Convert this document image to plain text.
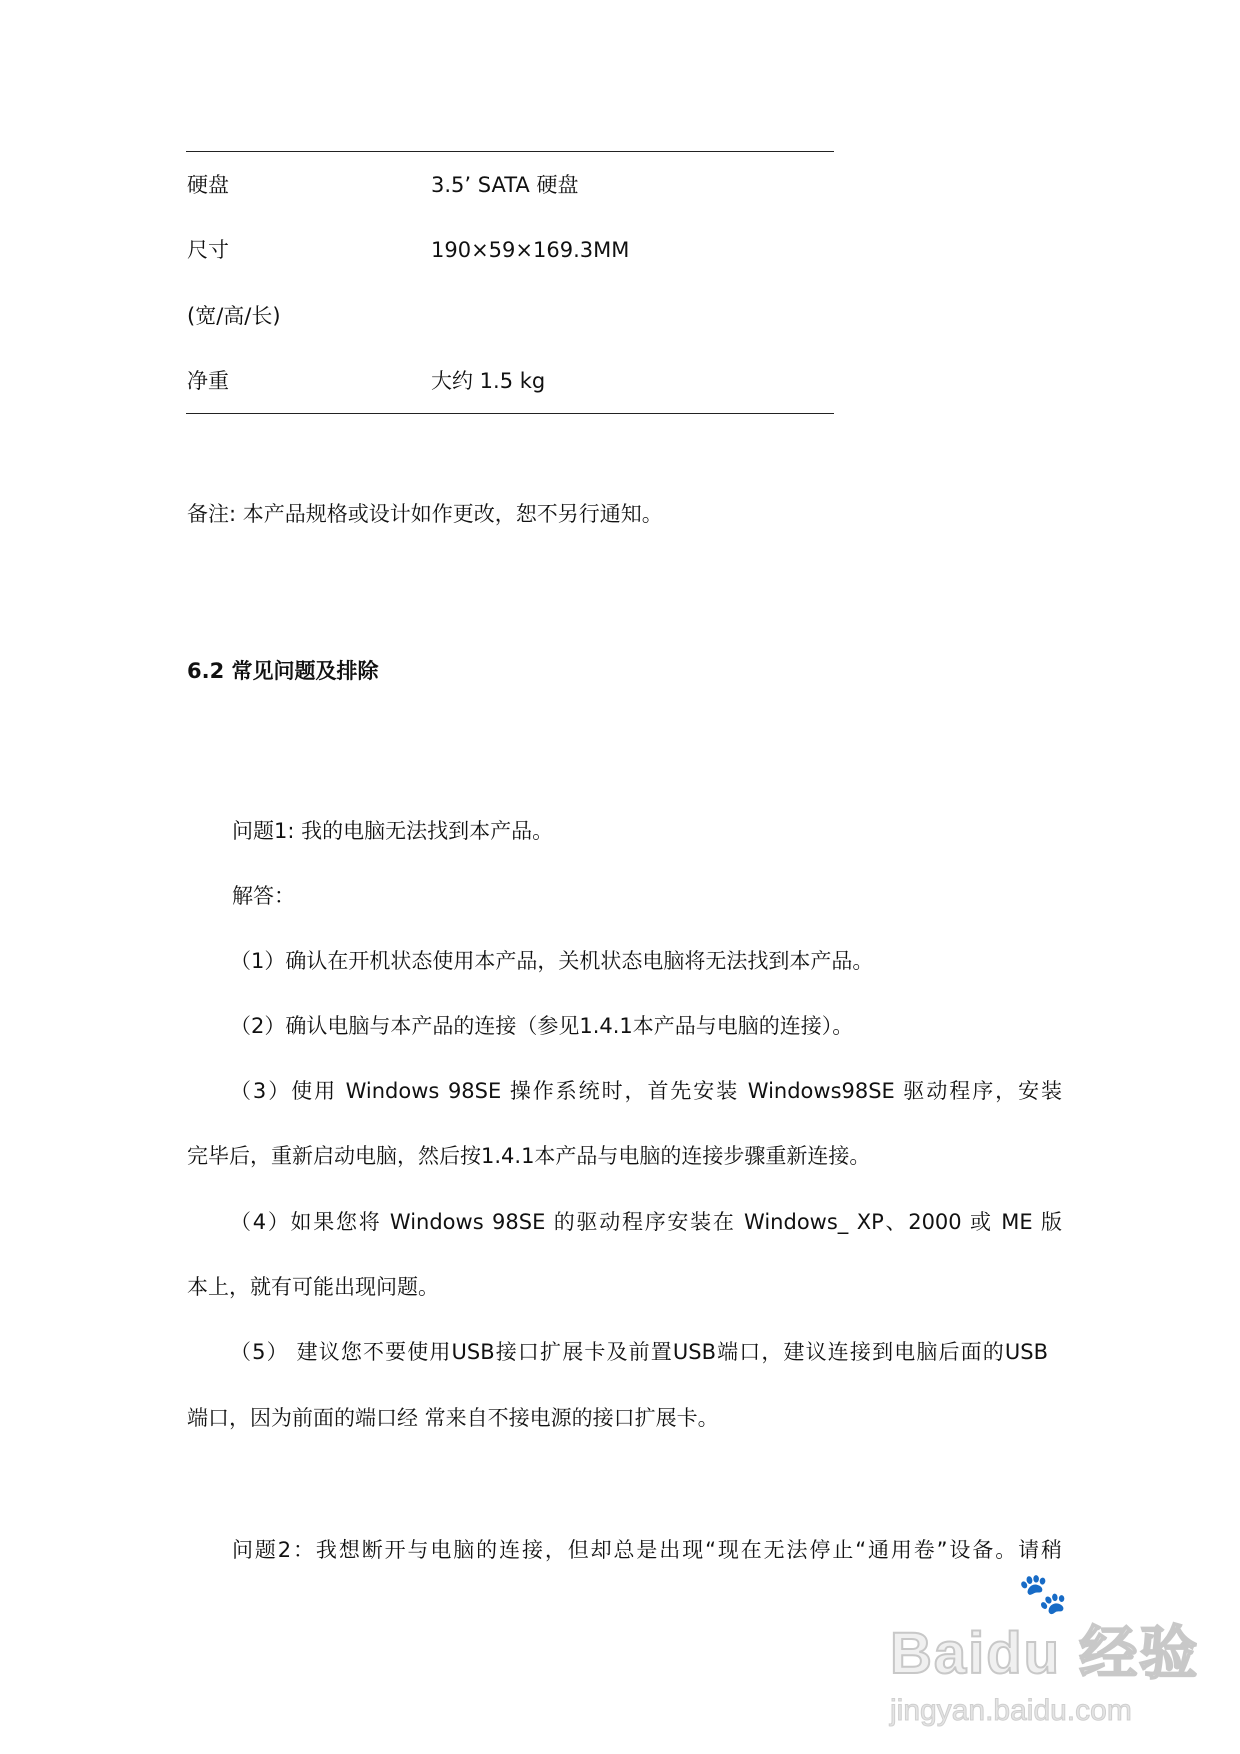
硬盘	3.5’ SATA 硬盘
尺寸	190×59×169.3MM
(宽/高/长)
净重	大约 1.5 kg
备注: 本产品规格或设计如作更改，恕不另行通知。
6.2 常见问题及排除
问题1: 我的电脑无法找到本产品。
解答：
（1）确认在开机状态使用本产品，关机状态电脑将无法找到本产品。
（2）确认电脑与本产品的连接（参见1.4.1本产品与电脑的连接）。
（3）使用 Windows 98SE 操作系统时，首先安装 Windows98SE 驱动程序，安装
完毕后，重新启动电脑，然后按1.4.1本产品与电脑的连接步骤重新连接。
（4）如果您将 Windows 98SE 的驱动程序安装在 Windows_ XP、2000 或 ME 版
本上，就有可能出现问题。
（5） 建议您不要使用USB接口扩展卡及前置USB端口，建议连接到电脑后面的USB
端口，因为前面的端口经 常来自不接电源的接口扩展卡。
问题2：我想断开与电脑的连接，但却总是出现“现在无法停止“通用卷”设备。请稍
🐾
Baidu 经验
jingyan.baidu.com
